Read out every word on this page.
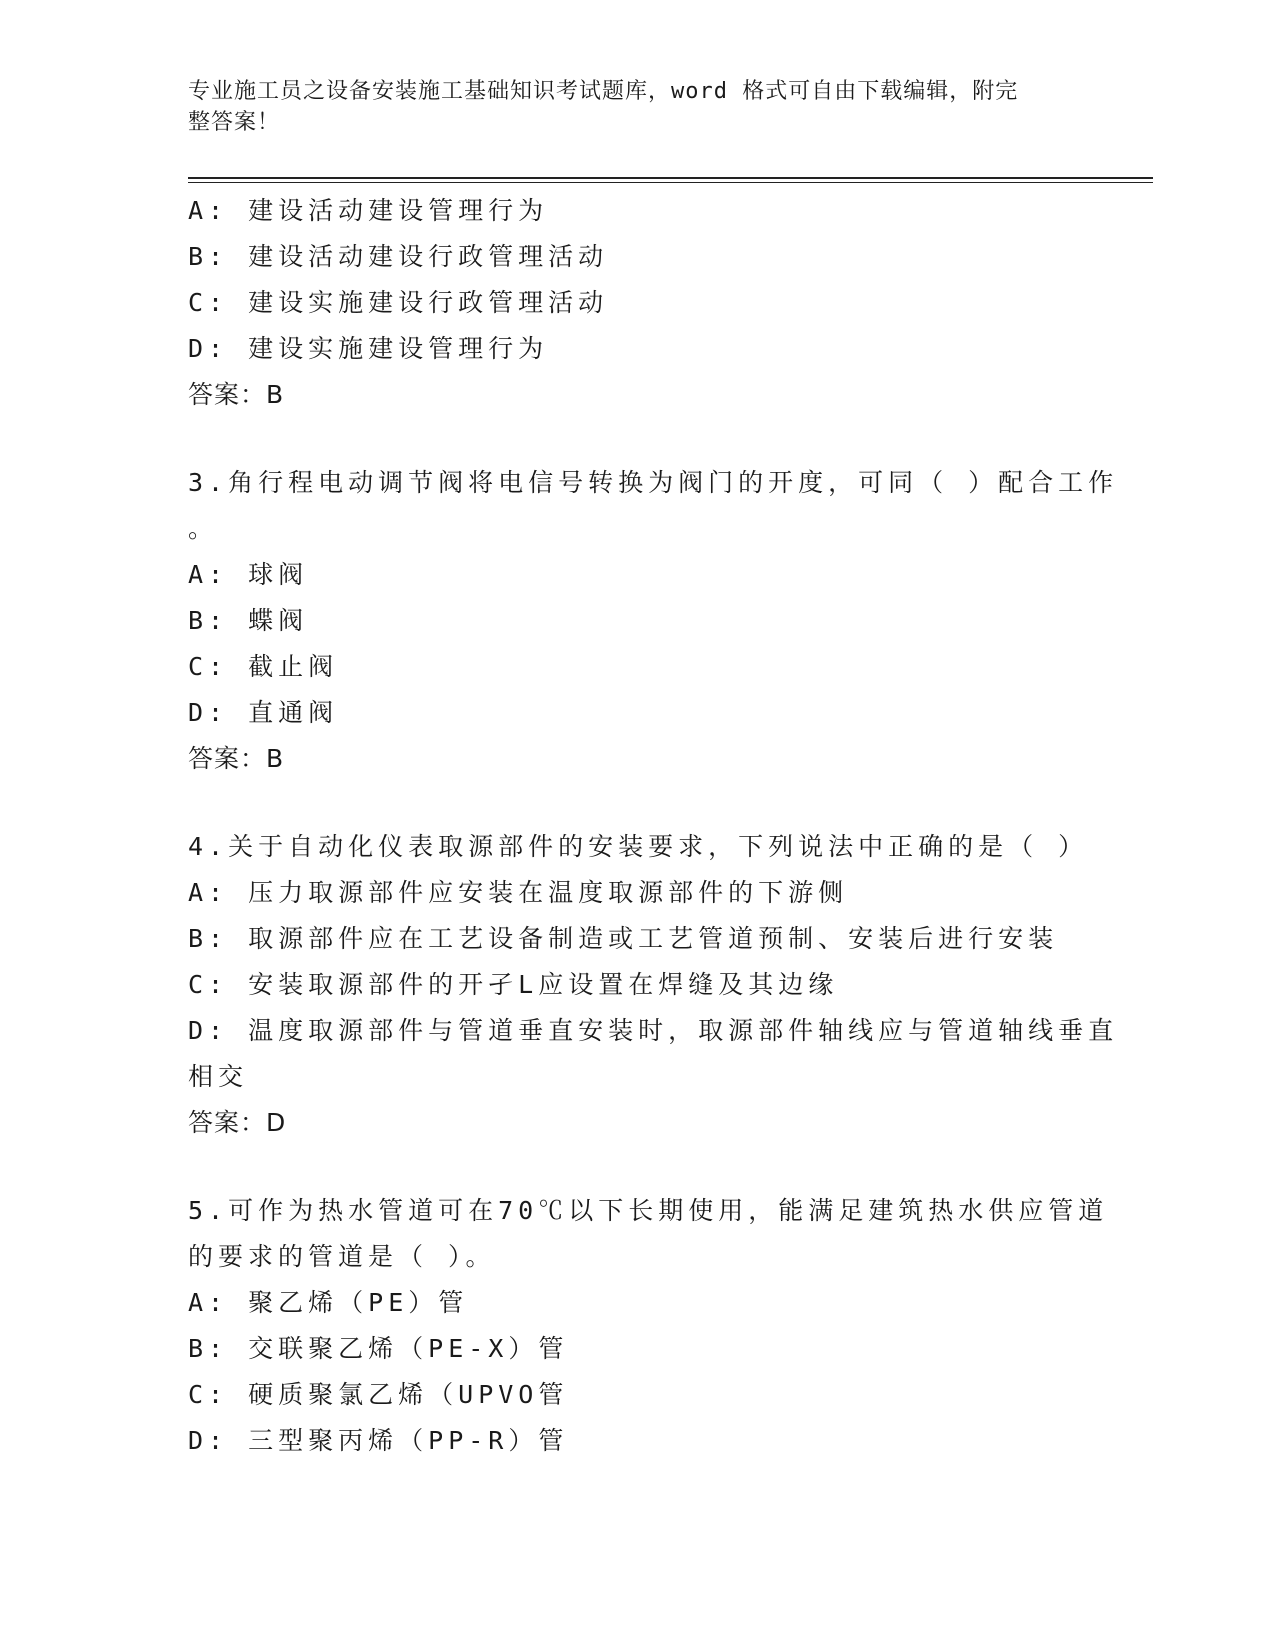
专业施工员之设备安装施工基础知识考试题库，word 格式可自由下载编辑，附完
整答案！
A: 建设活动建设管理行为
B: 建设活动建设行政管理活动
C: 建设实施建设行政管理活动
D: 建设实施建设管理行为
答案：B
3.角行程电动调节阀将电信号转换为阀门的开度，可同（ ）配合工作
。
A: 球阀
B: 蝶阀
C: 截止阀
D: 直通阀
答案：B
4.关于自动化仪表取源部件的安装要求，下列说法中正确的是（ ）
A: 压力取源部件应安装在温度取源部件的下游侧
B: 取源部件应在工艺设备制造或工艺管道预制、安装后进行安装
C: 安装取源部件的开孑L应设置在焊缝及其边缘
D: 温度取源部件与管道垂直安装时，取源部件轴线应与管道轴线垂直
相交
答案：D
5.可作为热水管道可在70℃以下长期使用，能满足建筑热水供应管道
的要求的管道是（ ）。
A: 聚乙烯（PE）管
B: 交联聚乙烯（PE-X）管
C: 硬质聚氯乙烯（UPVO管
D: 三型聚丙烯（PP-R）管
